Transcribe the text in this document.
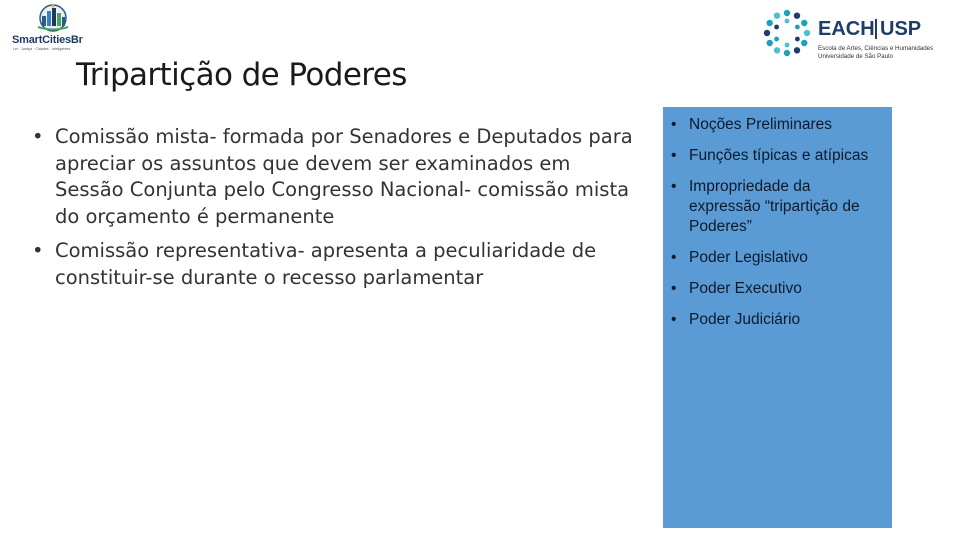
SmartCitiesBr
Lei · Justiça · Cidades · Inteligentes
Tripartição de Poderes
• Comissão mista- formada por Senadores e Deputados para apreciar os assuntos que devem ser examinados em Sessão Conjunta pelo Congresso Nacional- comissão mista do orçamento é permanente
• Comissão representativa- apresenta a peculiaridade de constituir-se durante o recesso parlamentar
EACH USP
Escola de Artes, Ciências e Humanidades
Universidade de São Paulo
• Noções Preliminares
• Funções típicas e atípicas
• Impropriedade da expressão “tripartição de Poderes”
• Poder Legislativo
• Poder Executivo
• Poder Judiciário
